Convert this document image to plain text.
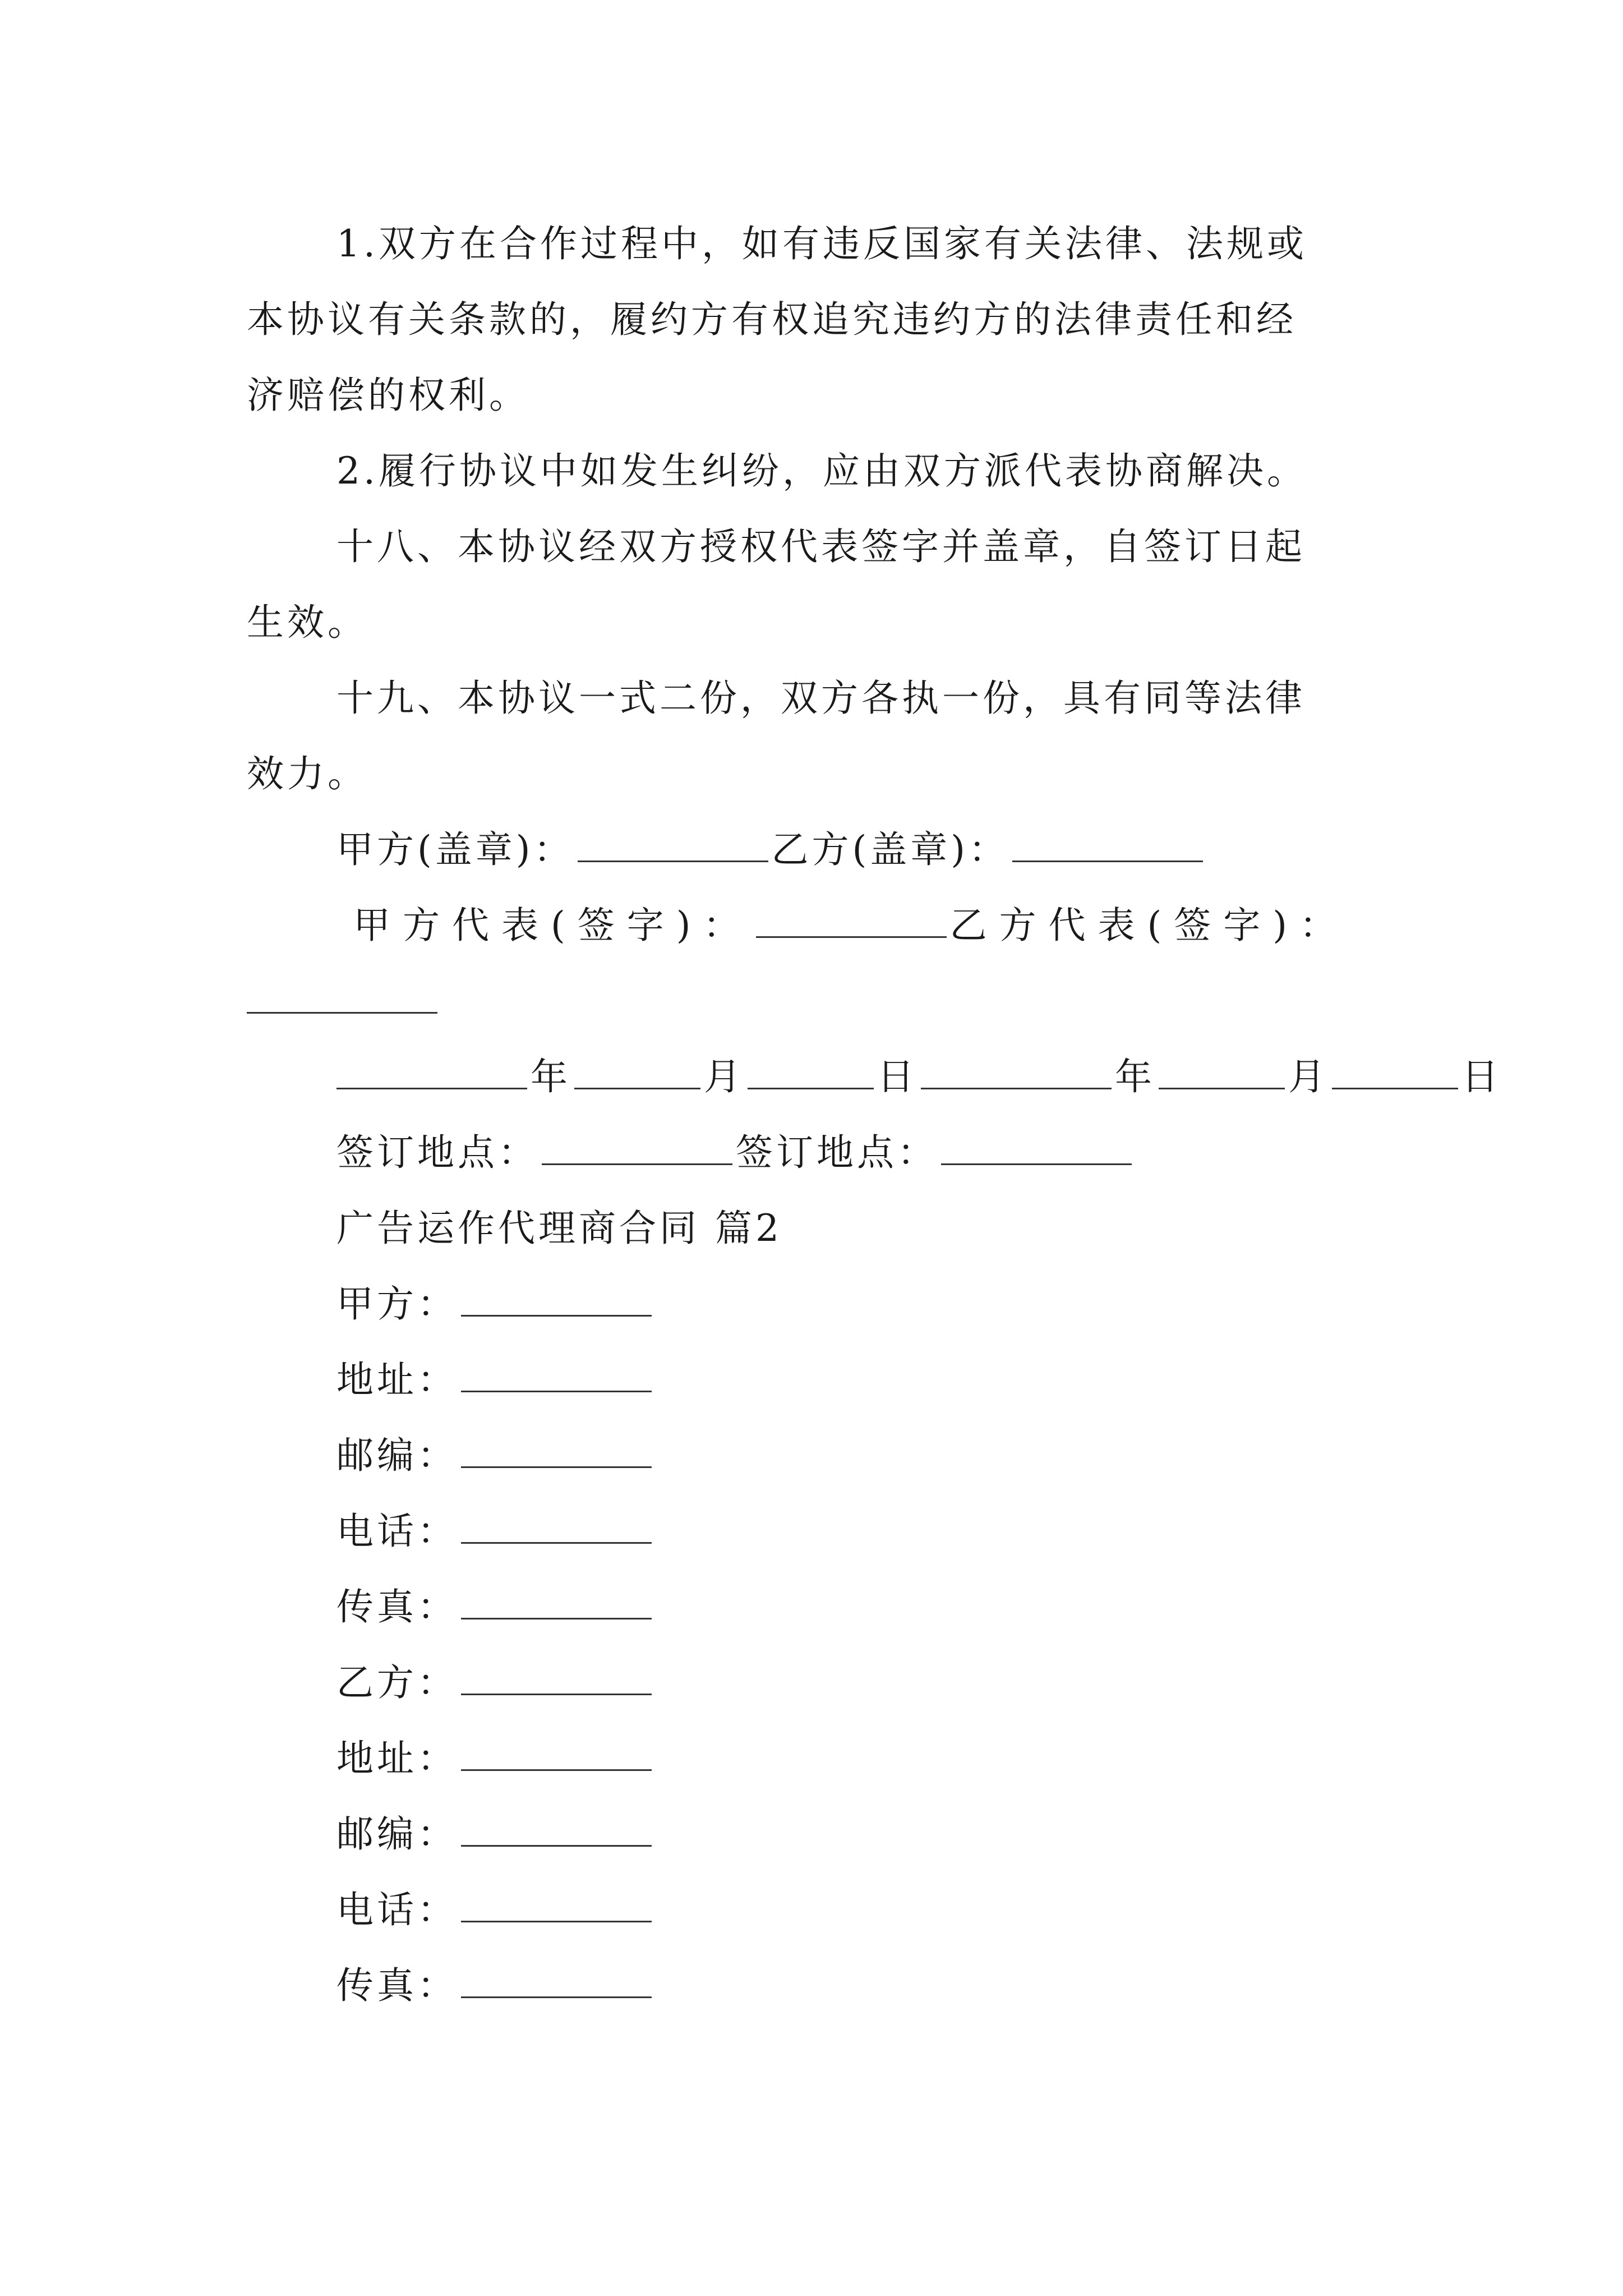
1.双方在合作过程中，如有违反国家有关法律、法规或
本协议有关条款的，履约方有权追究违约方的法律责任和经
济赔偿的权利。
2.履行协议中如发生纠纷，应由双方派代表协商解决。
十八、本协议经双方授权代表签字并盖章，自签订日起
生效。
十九、本协议一式二份，双方各执一份，具有同等法律
效力。
甲方(盖章)：	乙方(盖章)：
甲方代表(签字)：	乙方代表(签字)：
年	月	日	年	月	日
签订地点：	签订地点：
广告运作代理商合同 篇2
甲方：
地址：
邮编：
电话：
传真：
乙方：
地址：
邮编：
电话：
传真：
